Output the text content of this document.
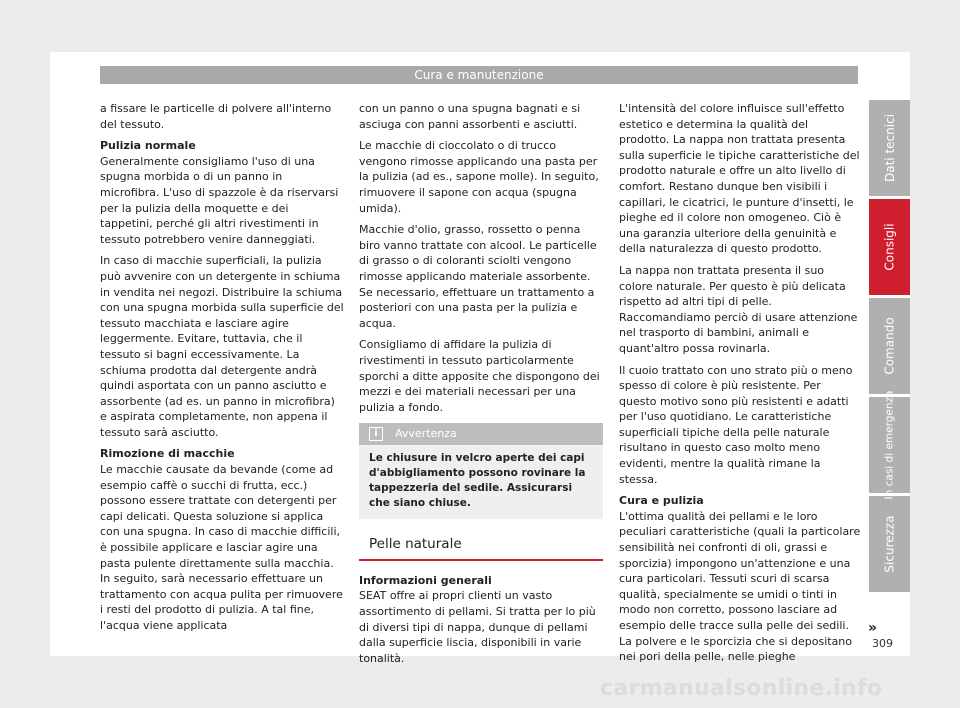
Cura e manutenzione

a fissare le particelle di polvere all'interno del tessuto.

Pulizia normale

Generalmente consigliamo l'uso di una spugna morbida o di un panno in microfibra. L'uso di spazzole è da riservarsi per la pulizia della moquette e dei tappetini, perché gli altri rivestimenti in tessuto potrebbero venire danneggiati.

In caso di macchie superficiali, la pulizia può avvenire con un detergente in schiuma in vendita nei negozi. Distribuire la schiuma con una spugna morbida sulla superficie del tessuto macchiata e lasciare agire leggermente. Evitare, tuttavia, che il tessuto si bagni eccessivamente. La schiuma prodotta dal detergente andrà quindi asportata con un panno asciutto e assorbente (ad es. un panno in microfibra) e aspirata completamente, non appena il tessuto sarà asciutto.

Rimozione di macchie

Le macchie causate da bevande (come ad esempio caffè o succhi di frutta, ecc.) possono essere trattate con detergenti per capi delicati. Questa soluzione si applica con una spugna. In caso di macchie difficili, è possibile applicare e lasciar agire una pasta pulente direttamente sulla macchia. In seguito, sarà necessario effettuare un trattamento con acqua pulita per rimuovere i resti del prodotto di pulizia. A tal fine, l'acqua viene applicata

con un panno o una spugna bagnati e si asciuga con panni assorbenti e asciutti.

Le macchie di cioccolato o di trucco vengono rimosse applicando una pasta per la pulizia (ad es., sapone molle). In seguito, rimuovere il sapone con acqua (spugna umida).

Macchie d'olio, grasso, rossetto o penna biro vanno trattate con alcool. Le particelle di grasso o di coloranti sciolti vengono rimosse applicando materiale assorbente. Se necessario, effettuare un trattamento a posteriori con una pasta per la pulizia e acqua.

Consigliamo di affidare la pulizia di rivestimenti in tessuto particolarmente sporchi a ditte apposite che dispongono dei mezzi e dei materiali necessari per una pulizia a fondo.

i	Avvertenza
Le chiusure in velcro aperte dei capi d'abbigliamento possono rovinare la tappezzeria del sedile. Assicurarsi che siano chiuse.
Pelle naturale
Informazioni generali

SEAT offre ai propri clienti un vasto assortimento di pellami. Si tratta per lo più di diversi tipi di nappa, dunque di pellami dalla superficie liscia, disponibili in varie tonalità.

L'intensità del colore influisce sull'effetto estetico e determina la qualità del prodotto. La nappa non trattata presenta sulla superficie le tipiche caratteristiche del prodotto naturale e offre un alto livello di comfort. Restano dunque ben visibili i capillari, le cicatrici, le punture d'insetti, le pieghe ed il colore non omogeneo. Ciò è una garanzia ulteriore della genuinità e della naturalezza di questo prodotto.

La nappa non trattata presenta il suo colore naturale. Per questo è più delicata rispetto ad altri tipi di pelle. Raccomandiamo perciò di usare attenzione nel trasporto di bambini, animali e quant'altro possa rovinarla.

Il cuoio trattato con uno strato più o meno spesso di colore è più resistente. Per questo motivo sono più resistenti e adatti per l'uso quotidiano. Le caratteristiche superficiali tipiche della pelle naturale risultano in questo caso molto meno evidenti, mentre la qualità rimane la stessa.

Cura e pulizia

L'ottima qualità dei pellami e le loro peculiari caratteristiche (quali la particolare sensibilità nei confronti di oli, grassi e sporcizia) impongono un'attenzione e una cura particolari. Tessuti scuri di scarsa qualità, specialmente se umidi o tinti in modo non corretto, possono lasciare ad esempio delle tracce sulla pelle dei sedili. La polvere e le sporcizia che si depositano nei pori della pelle, nelle pieghe

Dati tecnici
Consigli
Comando
In casi di emergenza
Sicurezza
»
309
carmanualsonline.info
